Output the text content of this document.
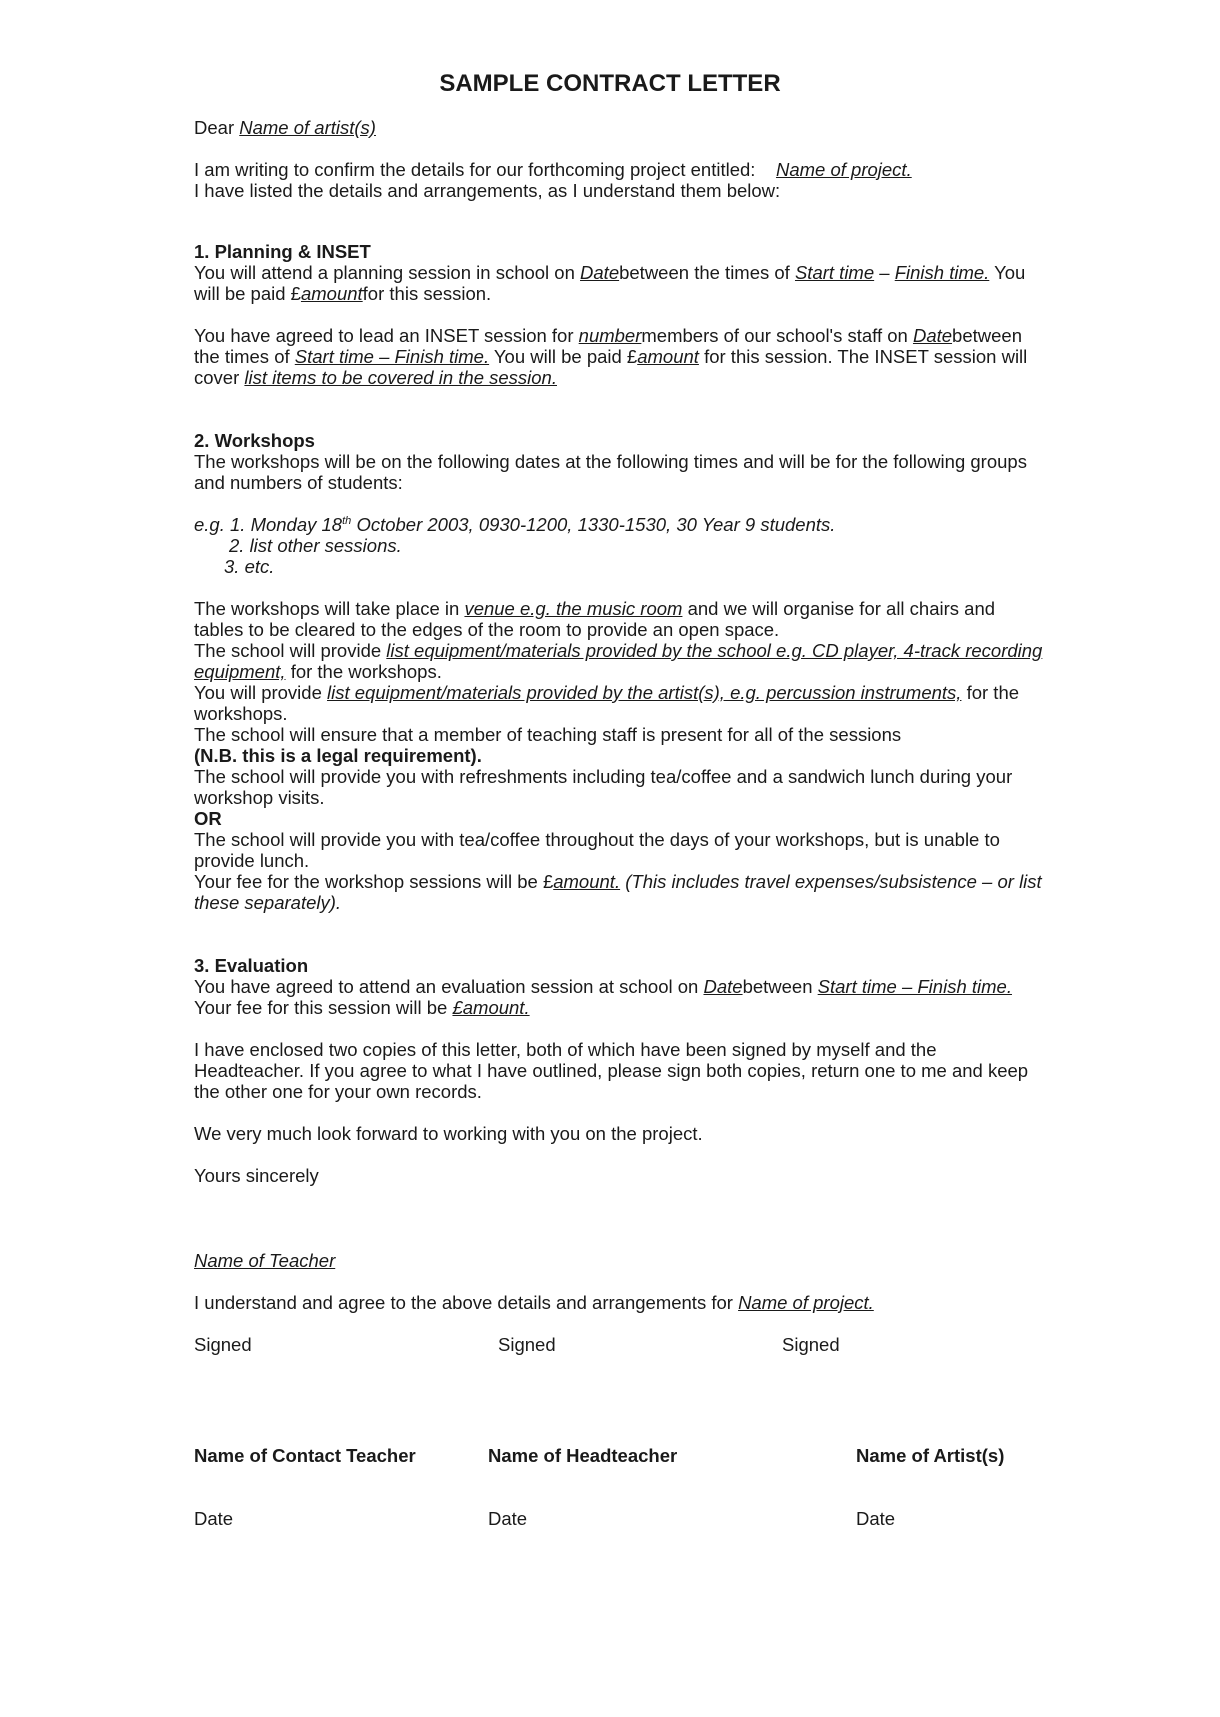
SAMPLE CONTRACT LETTER
Dear Name of artist(s)
I am writing to confirm the details for our forthcoming project entitled: Name of project.
I have listed the details and arrangements, as I understand them below:
1. Planning & INSET
You will attend a planning session in school on Datebetween the times of Start time – Finish time. You
will be paid £amountfor this session.
You have agreed to lead an INSET session for numbermembers of our school's staff on Datebetween
the times of Start time – Finish time. You will be paid £amount for this session. The INSET session will
cover list items to be covered in the session.
2. Workshops
The workshops will be on the following dates at the following times and will be for the following groups
and numbers of students:
e.g. 1. Monday 18th October 2003, 0930-1200, 1330-1530, 30 Year 9 students.
2. list other sessions.
3. etc.
The workshops will take place in venue e.g. the music room and we will organise for all chairs and
tables to be cleared to the edges of the room to provide an open space.
The school will provide list equipment/materials provided by the school e.g. CD player, 4-track recording
equipment, for the workshops.
You will provide list equipment/materials provided by the artist(s), e.g. percussion instruments, for the
workshops.
The school will ensure that a member of teaching staff is present for all of the sessions
(N.B. this is a legal requirement).
The school will provide you with refreshments including tea/coffee and a sandwich lunch during your
workshop visits.
OR
The school will provide you with tea/coffee throughout the days of your workshops, but is unable to
provide lunch.
Your fee for the workshop sessions will be £amount. (This includes travel expenses/subsistence – or list
these separately).
3. Evaluation
You have agreed to attend an evaluation session at school on Datebetween Start time – Finish time.
Your fee for this session will be £amount.
I have enclosed two copies of this letter, both of which have been signed by myself and the
Headteacher. If you agree to what I have outlined, please sign both copies, return one to me and keep
the other one for your own records.
We very much look forward to working with you on the project.
Yours sincerely
Name of Teacher
I understand and agree to the above details and arrangements for Name of project.
Signed	Signed	Signed
Name of Contact Teacher	Name of Headteacher	Name of Artist(s)
Date	Date	Date
